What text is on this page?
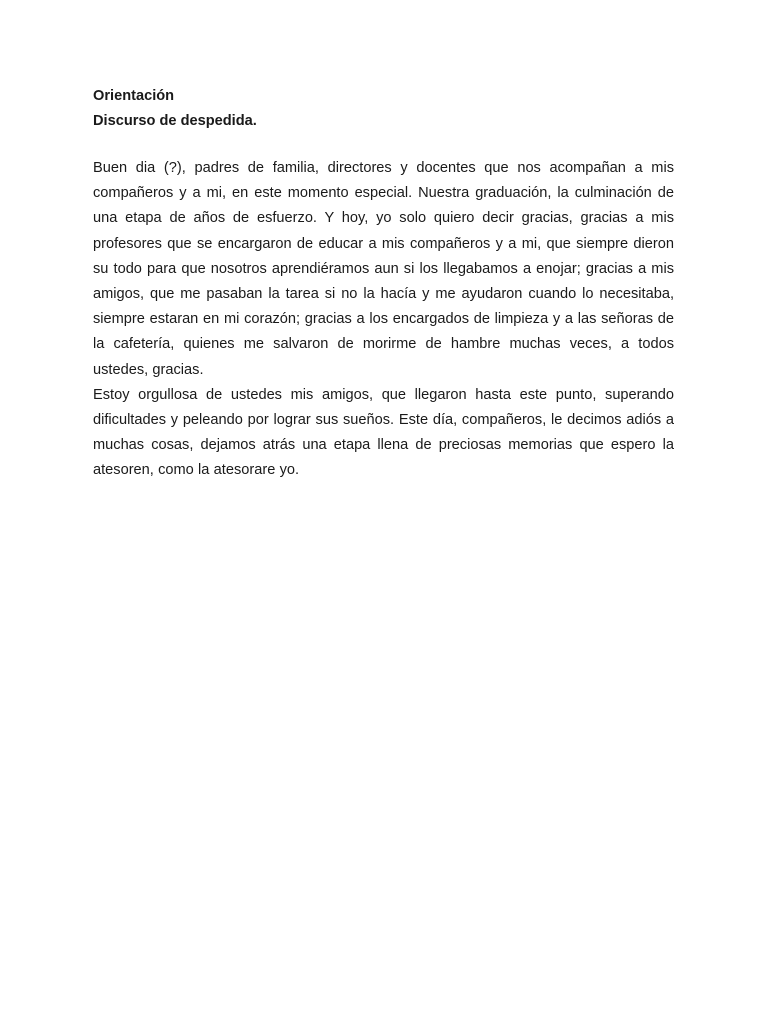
Orientación

Discurso de despedida.

Buen dia (?), padres de familia, directores y docentes que nos acompañan a mis compañeros y a mi, en este momento especial. Nuestra graduación, la culminación de una etapa de años de esfuerzo. Y hoy, yo solo quiero decir gracias, gracias a mis profesores que se encargaron de educar a mis compañeros y a mi, que siempre dieron su todo para que nosotros aprendiéramos aun si los llegabamos a enojar; gracias a mis amigos, que me pasaban la tarea si no la hacía y me ayudaron cuando lo necesitaba, siempre estaran en mi corazón; gracias a los encargados de limpieza y a las señoras de la cafetería, quienes me salvaron de morirme de hambre muchas veces, a todos ustedes, gracias.

Estoy orgullosa de ustedes mis amigos, que llegaron hasta este punto, superando dificultades y peleando por lograr sus sueños. Este día, compañeros, le decimos adiós a muchas cosas, dejamos atrás una etapa llena de preciosas memorias que espero la atesoren, como la atesorare yo.
